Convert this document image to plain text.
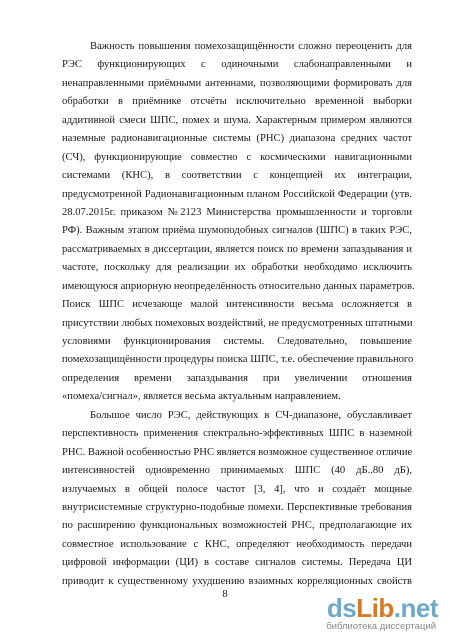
Важность повышения помехозащищённости сложно переоценить для
РЭС функционирующих с одиночными слабонаправленными и
ненаправленными приёмными антеннами, позволяющими формировать для
обработки в приёмнике отсчёты исключительно временной выборки
аддитивной смеси ШПС, помех и шума. Характерным примером являются
наземные радионавигационные системы (РНС) диапазона средних частот
(СЧ), функционирующие совместно с космическими навигационными
системами (КНС), в соответствии с концепцией их интеграции,
предусмотренной Радионавигационным планом Российской Федерации (утв.
28.07.2015г. приказом №2123 Министерства промышленности и торговли
РФ). Важным этапом приёма шумоподобных сигналов (ШПС) в таких РЭС,
рассматриваемых в диссертации, является поиск по времени запаздывания и
частоте, поскольку для реализации их обработки необходимо исключить
имеющуюся априорную неопределённость относительно данных параметров.
Поиск ШПС исчезающе малой интенсивности весьма осложняется в
присутствии любых помеховых воздействий, не предусмотренных штатными
условиями функционирования системы. Следовательно, повышение
помехозащищённости процедуры поиска ШПС, т.е. обеспечение правильного
определения времени запаздывания при увеличении отношения
«помеха/сигнал», является весьма актуальным направлением.
Большое число РЭС, действующих в СЧ-диапазоне, обуславливает
перспективность применения спектрально-эффективных ШПС в наземной
РНС. Важной особенностью РНС является возможное существенное отличие
интенсивностей одновременно принимаемых ШПС (40 дБ..80 дБ),
излучаемых в общей полосе частот [3, 4], что и создаёт мощные
внутрисистемные структурно-подобные помехи. Перспективные требования
по расширению функциональных возможностей РНС, предполагающие их
совместное использование с КНС, определяют необходимость передачи
цифровой информации (ЦИ) в составе сигналов системы. Передача ЦИ
приводит к существенному ухудшению взаимных корреляционных свойств
8	dsLib.net
библиотека диссертаций
